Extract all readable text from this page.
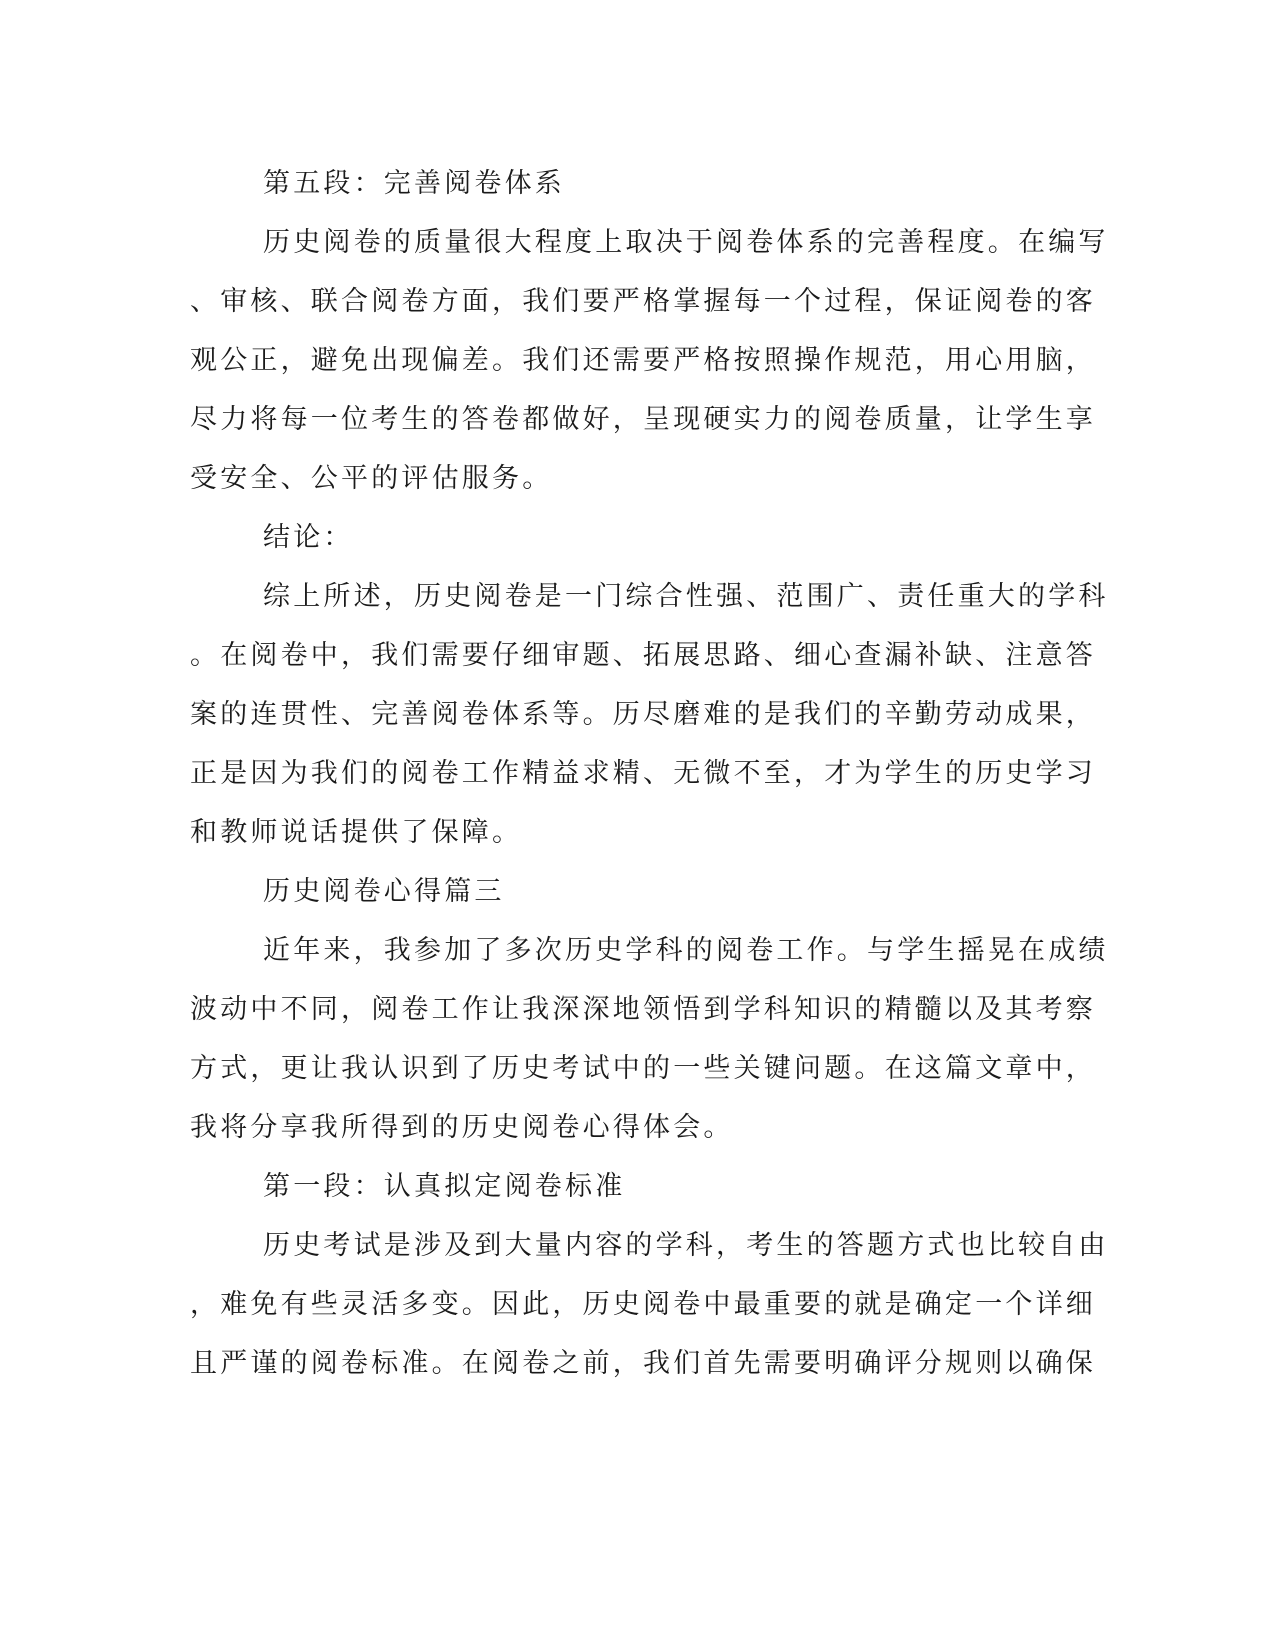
第五段：完善阅卷体系
历史阅卷的质量很大程度上取决于阅卷体系的完善程度。在编写
、审核、联合阅卷方面，我们要严格掌握每一个过程，保证阅卷的客
观公正，避免出现偏差。我们还需要严格按照操作规范，用心用脑，
尽力将每一位考生的答卷都做好，呈现硬实力的阅卷质量，让学生享
受安全、公平的评估服务。
结论：
综上所述，历史阅卷是一门综合性强、范围广、责任重大的学科
。在阅卷中，我们需要仔细审题、拓展思路、细心查漏补缺、注意答
案的连贯性、完善阅卷体系等。历尽磨难的是我们的辛勤劳动成果，
正是因为我们的阅卷工作精益求精、无微不至，才为学生的历史学习
和教师说话提供了保障。
历史阅卷心得篇三
近年来，我参加了多次历史学科的阅卷工作。与学生摇晃在成绩
波动中不同，阅卷工作让我深深地领悟到学科知识的精髓以及其考察
方式，更让我认识到了历史考试中的一些关键问题。在这篇文章中，
我将分享我所得到的历史阅卷心得体会。
第一段：认真拟定阅卷标准
历史考试是涉及到大量内容的学科，考生的答题方式也比较自由
，难免有些灵活多变。因此，历史阅卷中最重要的就是确定一个详细
且严谨的阅卷标准。在阅卷之前，我们首先需要明确评分规则以确保
